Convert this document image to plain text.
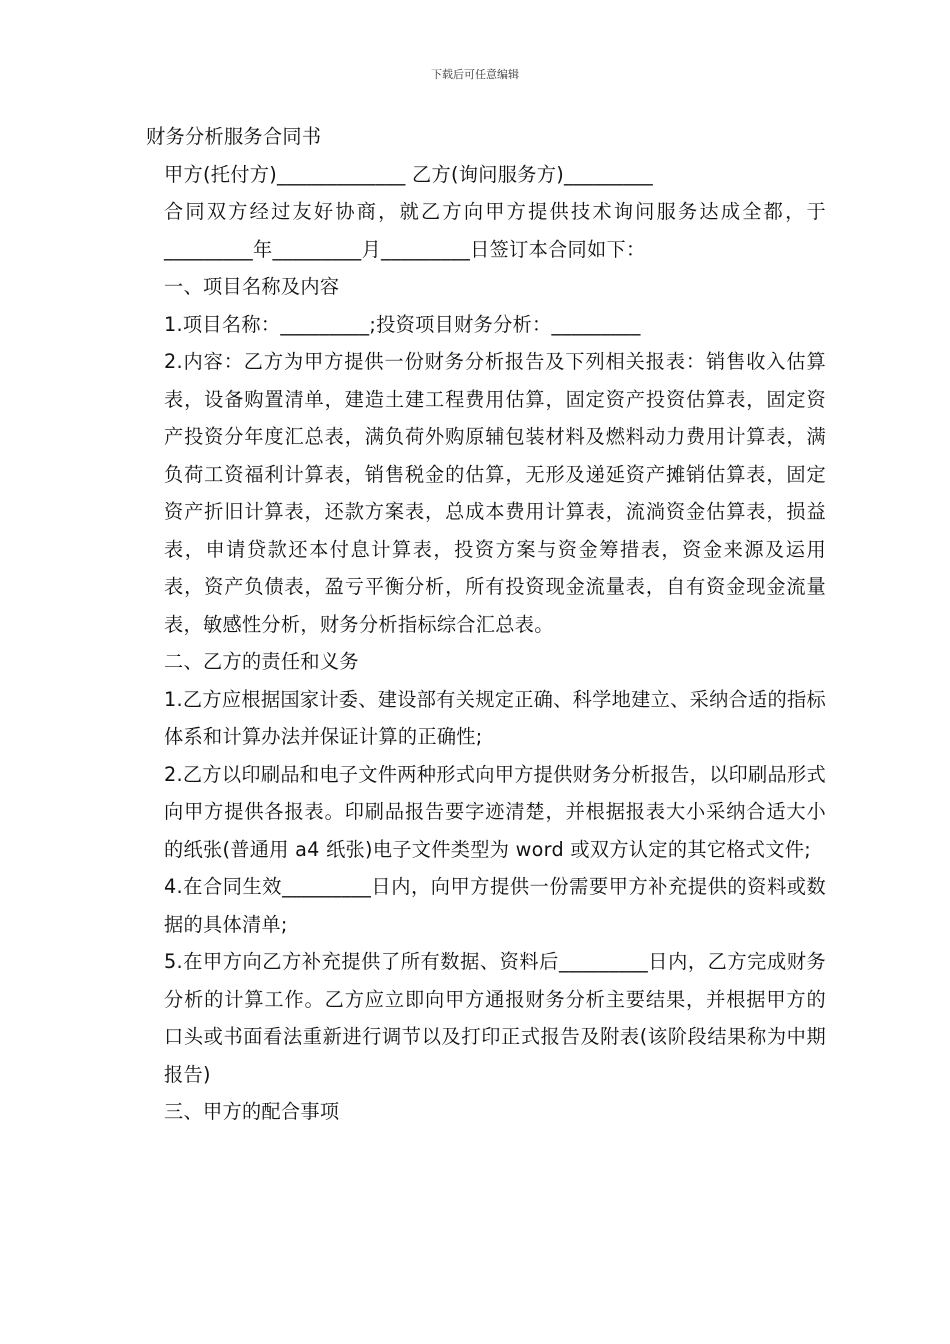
下载后可任意编辑

财务分析服务合同书

甲方(托付方)_____________ 乙方(询问服务方)_________

合同双方经过友好协商，就乙方向甲方提供技术询问服务达成全都，于_________年_________月_________日签订本合同如下：

一、项目名称及内容

1.项目名称：_________;投资项目财务分析：_________

2.内容：乙方为甲方提供一份财务分析报告及下列相关报表：销售收入估算表，设备购置清单，建造土建工程费用估算，固定资产投资估算表，固定资产投资分年度汇总表，满负荷外购原辅包装材料及燃料动力费用计算表，满负荷工资福利计算表，销售税金的估算，无形及递延资产摊销估算表，固定资产折旧计算表，还款方案表，总成本费用计算表，流淌资金估算表，损益表，申请贷款还本付息计算表，投资方案与资金筹措表，资金来源及运用表，资产负债表，盈亏平衡分析，所有投资现金流量表，自有资金现金流量表，敏感性分析，财务分析指标综合汇总表。

二、乙方的责任和义务

1.乙方应根据国家计委、建设部有关规定正确、科学地建立、采纳合适的指标体系和计算办法并保证计算的正确性;

2.乙方以印刷品和电子文件两种形式向甲方提供财务分析报告，以印刷品形式向甲方提供各报表。印刷品报告要字迹清楚，并根据报表大小采纳合适大小的纸张(普通用 a4 纸张)电子文件类型为 word 或双方认定的其它格式文件;

4.在合同生效_________日内，向甲方提供一份需要甲方补充提供的资料或数据的具体清单;

5.在甲方向乙方补充提供了所有数据、资料后_________日内，乙方完成财务分析的计算工作。乙方应立即向甲方通报财务分析主要结果，并根据甲方的口头或书面看法重新进行调节以及打印正式报告及附表(该阶段结果称为中期报告)

三、甲方的配合事项
